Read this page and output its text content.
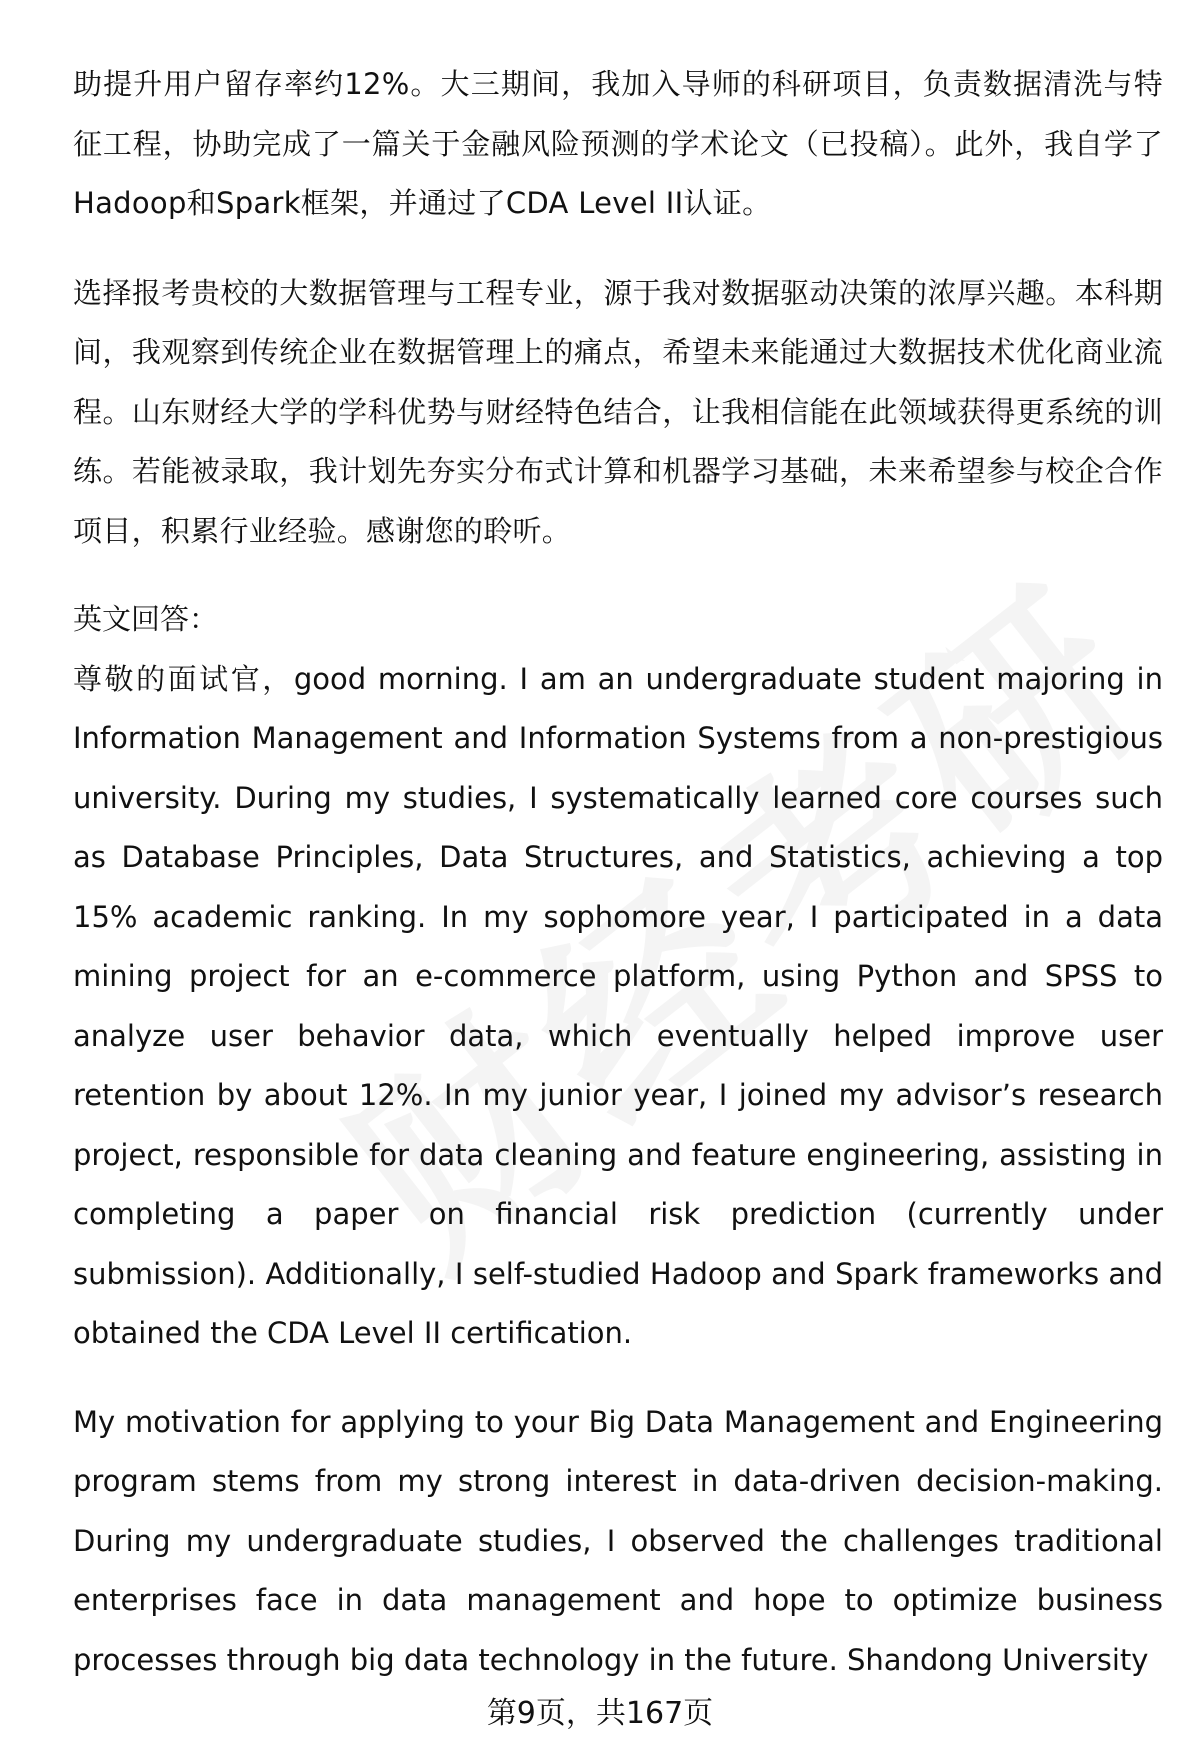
助提升用户留存率约12%。大三期间，我加入导师的科研项目，负责数据清洗与特征工程，协助完成了一篇关于金融风险预测的学术论文（已投稿）。此外，我自学了Hadoop和Spark框架，并通过了CDA Level II认证。

选择报考贵校的大数据管理与工程专业，源于我对数据驱动决策的浓厚兴趣。本科期间，我观察到传统企业在数据管理上的痛点，希望未来能通过大数据技术优化商业流程。山东财经大学的学科优势与财经特色结合，让我相信能在此领域获得更系统的训练。若能被录取，我计划先夯实分布式计算和机器学习基础，未来希望参与校企合作项目，积累行业经验。感谢您的聆听。

英文回答：

尊敬的面试官，good morning. I am an undergraduate student majoring in Information Management and Information Systems from a non-prestigious university. During my studies, I systematically learned core courses such as Database Principles, Data Structures, and Statistics, achieving a top 15% academic ranking. In my sophomore year, I participated in a data mining project for an e-commerce platform, using Python and SPSS to analyze user behavior data, which eventually helped improve user retention by about 12%. In my junior year, I joined my advisor’s research project, responsible for data cleaning and feature engineering, assisting in completing a paper on financial risk prediction (currently under submission). Additionally, I self-studied Hadoop and Spark frameworks and obtained the CDA Level II certification.

My motivation for applying to your Big Data Management and Engineering program stems from my strong interest in data-driven decision-making. During my undergraduate studies, I observed the challenges traditional enterprises face in data management and hope to optimize business processes through big data technology in the future. Shandong University

第9页，共167页
